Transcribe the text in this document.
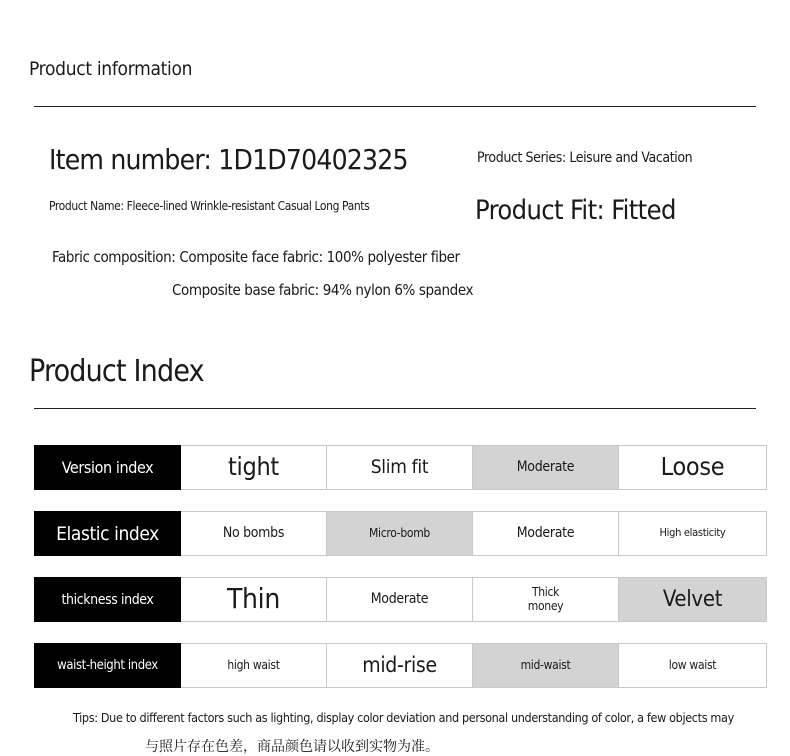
Product information
Item number: 1D1D70402325	Product Series: Leisure and Vacation
Product Name: Fleece-lined Wrinkle-resistant Casual Long Pants	Product Fit: Fitted
Fabric composition: Composite face fabric: 100% polyester fiber
Composite base fabric: 94% nylon 6% spandex
Product Index
Version index	tight	Slim fit	Moderate	Loose
Elastic index	No bombs	Micro-bomb	Moderate	High elasticity
thickness index	Thin	Moderate	Thick money	Velvet
waist-height index	high waist	mid-rise	mid-waist	low waist
Tips: Due to different factors such as lighting, display color deviation and personal understanding of color, a few objects may
与照片存在色差，商品颜色请以收到实物为准。
